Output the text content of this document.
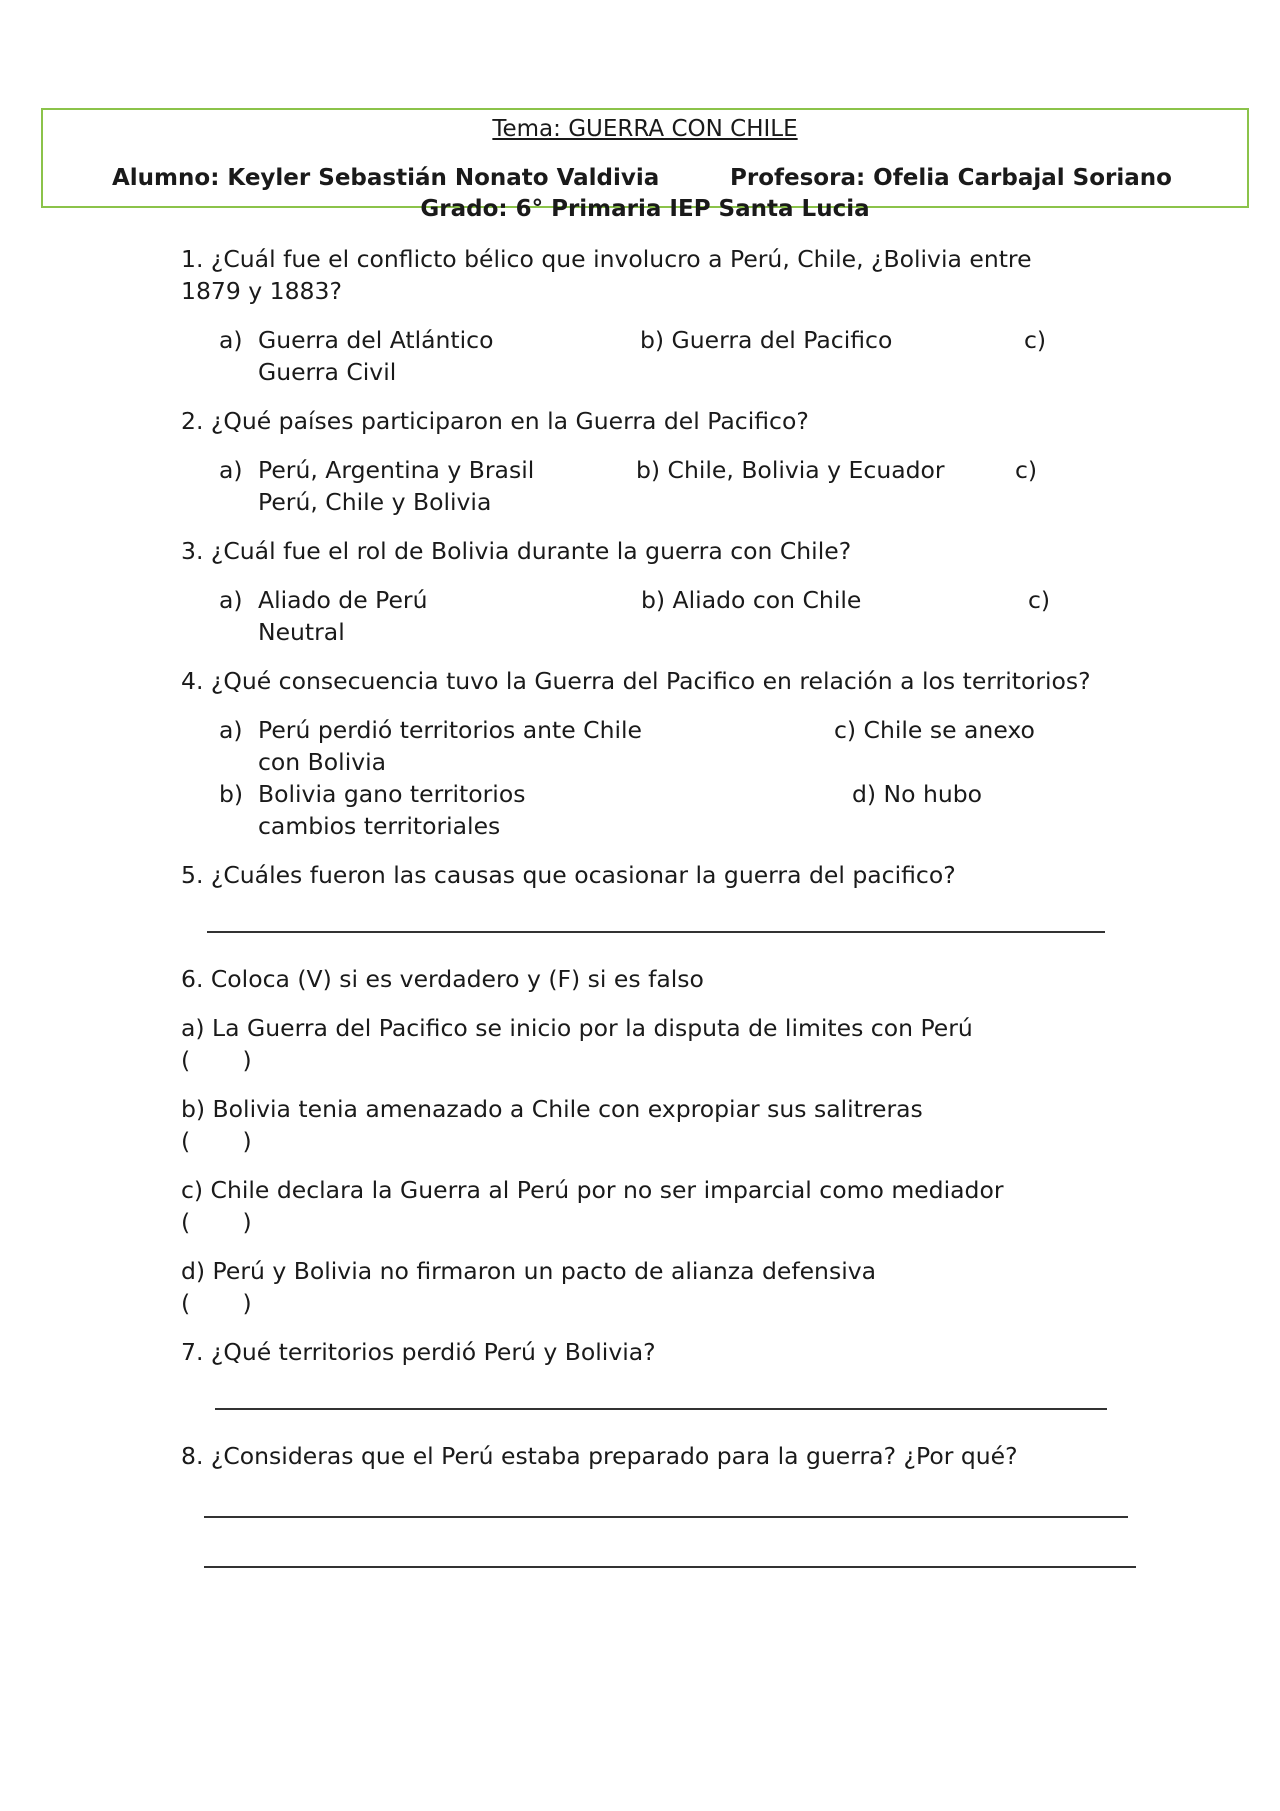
Tema: GUERRA CON CHILE
Alumno: Keyler Sebastián Nonato Valdivia	Profesora: Ofelia Carbajal Soriano
Grado: 6° Primaria IEP Santa Lucia
1. ¿Cuál fue el conflicto bélico que involucro a Perú, Chile, ¿Bolivia entre 1879 y 1883?
a) Guerra del Atlántico	b) Guerra del Pacifico	c)
Guerra Civil
2. ¿Qué países participaron en la Guerra del Pacifico?
a) Perú, Argentina y Brasil	b) Chile, Bolivia y Ecuador	c)
Perú, Chile y Bolivia
3. ¿Cuál fue el rol de Bolivia durante la guerra con Chile?
a) Aliado de Perú	b) Aliado con Chile	c)
Neutral
4. ¿Qué consecuencia tuvo la Guerra del Pacifico en relación a los territorios?
a) Perú perdió territorios ante Chile	c) Chile se anexo
con Bolivia
b) Bolivia gano territorios	d) No hubo
cambios territoriales
5. ¿Cuáles fueron las causas que ocasionar la guerra del pacifico?
6. Coloca (V) si es verdadero y (F) si es falso
a) La Guerra del Pacifico se inicio por la disputa de limites con Perú
(       )
b) Bolivia tenia amenazado a Chile con expropiar sus salitreras
(       )
c) Chile declara la Guerra al Perú por no ser imparcial como mediador
(       )
d) Perú y Bolivia no firmaron un pacto de alianza defensiva
(       )
7. ¿Qué territorios perdió Perú y Bolivia?
8. ¿Consideras que el Perú estaba preparado para la guerra? ¿Por qué?
